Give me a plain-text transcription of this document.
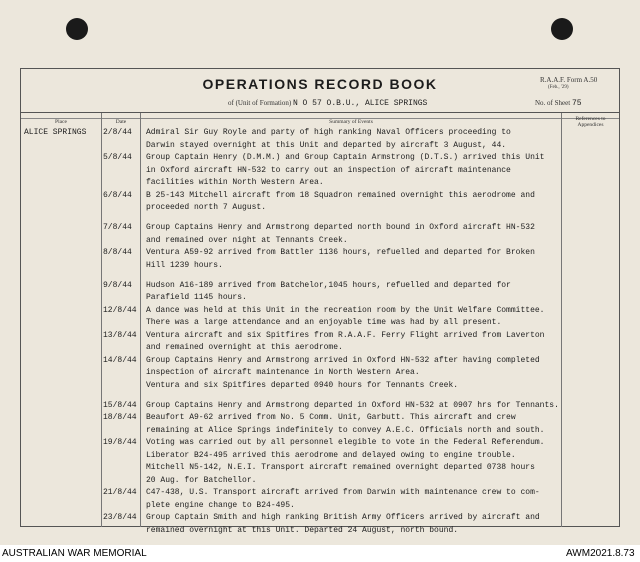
OPERATIONS RECORD BOOK	R.A.A.F. Form A.50
(Feb., '29)
of (Unit of Formation) N O 57 O.B.U., ALICE SPRINGS	No. of Sheet 75
Place	Date	Summary of Events	References to Appendices
ALICE SPRINGS 2/8/44 Admiral Sir Guy Royle and party of high ranking Naval Officers proceeding to
Darwin stayed overnight at this Unit and departed by aircraft 3 August, 44.
5/8/44 Group Captain Henry (D.M.M.) and Group Captain Armstrong (D.T.S.) arrived this Unit
in Oxford aircraft HN-532 to carry out an inspection of aircraft maintenance
facilities within North Western Area.
6/8/44 B 25-143 Mitchell aircraft from 18 Squadron remained overnight this aerodrome and
proceeded north 7 August.
7/8/44 Group Captains Henry and Armstrong departed north bound in Oxford aircraft HN-532
and remained over night at Tennants Creek.
8/8/44 Ventura A59-92 arrived from Battler 1136 hours, refuelled and departed for Broken
Hill 1239 hours.
9/8/44 Hudson A16-189 arrived from Batchelor,1045 hours, refuelled and departed for
Parafield 1145 hours.
12/8/44 A dance was held at this Unit in the recreation room by the Unit Welfare Committee.
There was a large attendance and an enjoyable time was had by all present.
13/8/44 Ventura aircraft and six Spitfires from R.A.A.F. Ferry Flight arrived from Laverton
and remained overnight at this aerodrome.
14/8/44 Group Captains Henry and Armstrong arrived in Oxford HN-532 after having completed
inspection of aircraft maintenance in North Western Area.
Ventura and six Spitfires departed 0940 hours for Tennants Creek.
15/8/44 Group Captains Henry and Armstrong departed in Oxford HN-532 at 0907 hrs for Tennants.
18/8/44 Beaufort A9-62 arrived from No. 5 Comm. Unit, Garbutt. This aircraft and crew
remaining at Alice Springs indefinitely to convey A.E.C. Officials north and south.
19/8/44 Voting was carried out by all personnel elegible to vote in the Federal Referendum.
Liberator B24-495 arrived this aerodrome and delayed owing to engine trouble.
Mitchell N5-142, N.E.I. Transport aircraft remained overnight departed 0738 hours
20 Aug. for Batchellor.
21/8/44 C47-438, U.S. Transport aircraft arrived from Darwin with maintenance crew to com-
plete engine change to B24-495.
23/8/44 Group Captain Smith and high ranking British Army Officers arrived by aircraft and
remained overnight at this Unit. Departed 24 August, north bound.
AUSTRALIAN WAR MEMORIAL	AWM2021.8.73
